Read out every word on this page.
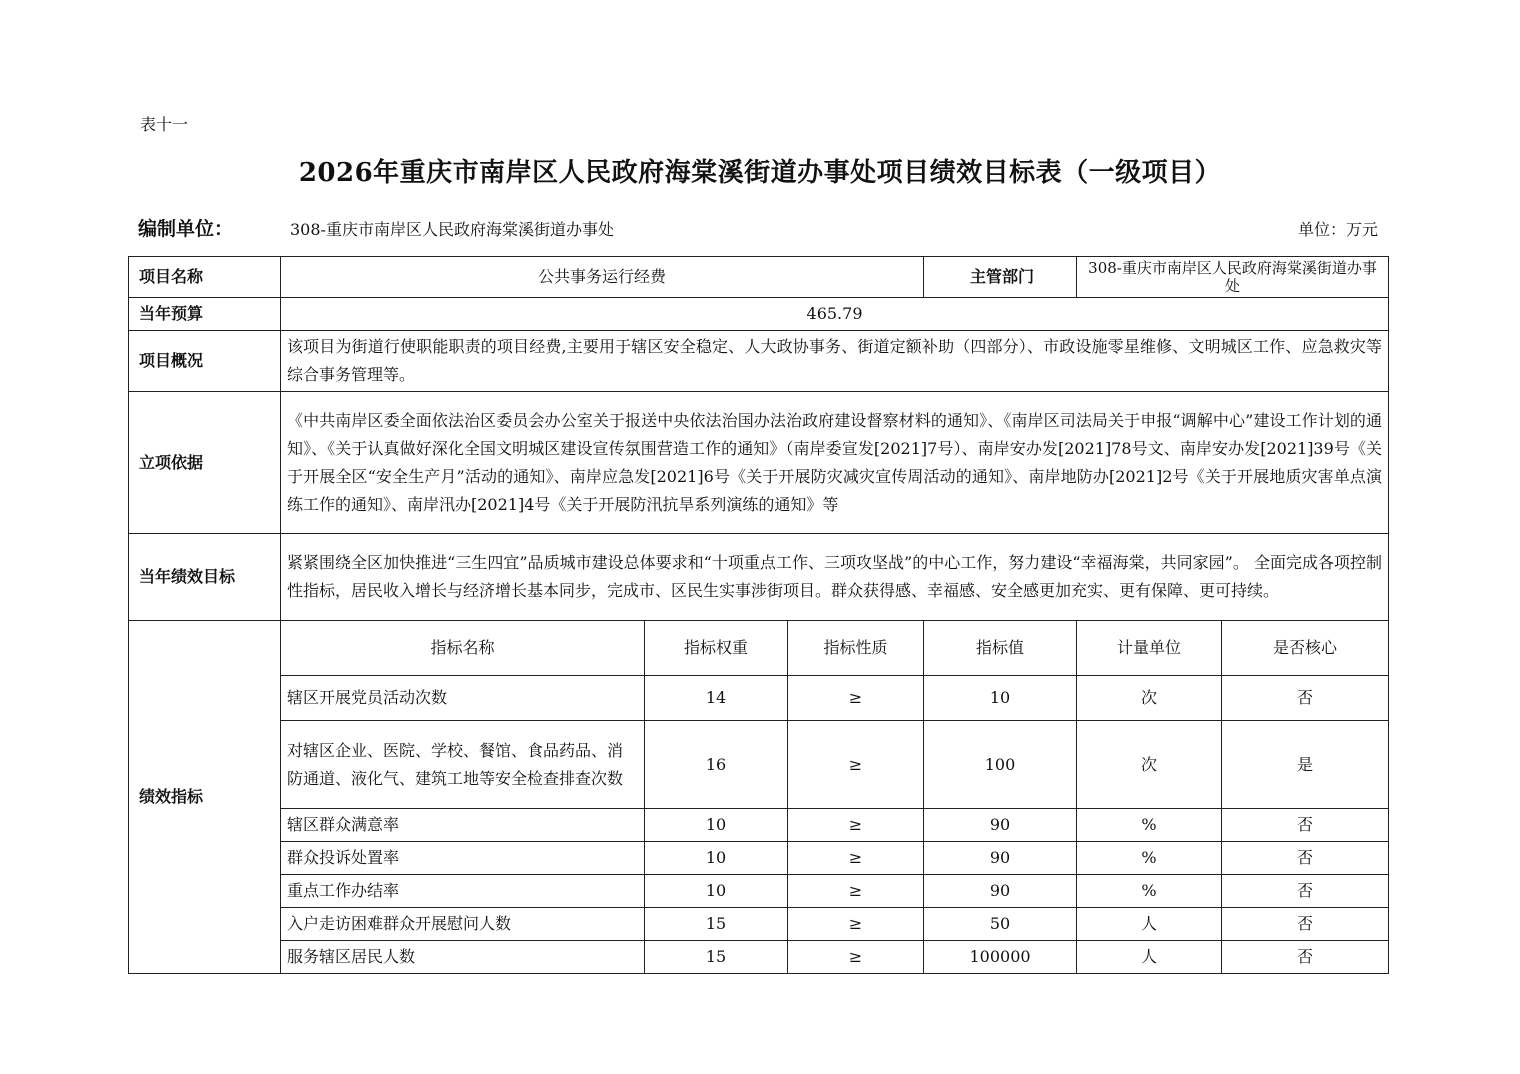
表十一
2026年重庆市南岸区人民政府海棠溪街道办事处项目绩效目标表（一级项目）
编制单位：	308-重庆市南岸区人民政府海棠溪街道办事处	单位：万元
项目名称	公共事务运行经费			主管部门	308-重庆市南岸区人民政府海棠溪街道办事处	
当年预算	465.79					
项目概况	该项目为街道行使职能职责的项目经费,主要用于辖区安全稳定、人大政协事务、街道定额补助（四部分）、市政设施零星维修、文明城区工作、应急救灾等综合事务管理等。					
立项依据	《中共南岸区委全面依法治区委员会办公室关于报送中央依法治国办法治政府建设督察材料的通知》、《南岸区司法局关于申报“调解中心”建设工作计划的通知》、《关于认真做好深化全国文明城区建设宣传氛围营造工作的通知》（南岸委宣发[2021]7号）、南岸安办发[2021]78号文、南岸安办发[2021]39号《关于开展全区“安全生产月”活动的通知》、南岸应急发[2021]6号《关于开展防灾减灾宣传周活动的通知》、南岸地防办[2021]2号《关于开展地质灾害单点演练工作的通知》、南岸汛办[2021]4号《关于开展防汛抗旱系列演练的通知》等					
当年绩效目标	紧紧围绕全区加快推进“三生四宜”品质城市建设总体要求和“十项重点工作、三项攻坚战”的中心工作，努力建设“幸福海棠，共同家园”。 全面完成各项控制性指标，居民收入增长与经济增长基本同步，完成市、区民生实事涉街项目。群众获得感、幸福感、安全感更加充实、更有保障、更可持续。					
绩效指标	指标名称	指标权重	指标性质	指标值	计量单位	是否核心
	辖区开展党员活动次数	14	≥	10	次	否
	对辖区企业、医院、学校、餐馆、食品药品、消防通道、液化气、建筑工地等安全检查排查次数	16	≥	100	次	是
	辖区群众满意率	10	≥	90	%	否
	群众投诉处置率	10	≥	90	%	否
	重点工作办结率	10	≥	90	%	否
	入户走访困难群众开展慰问人数	15	≥	50	人	否
	服务辖区居民人数	15	≥	100000	人	否
